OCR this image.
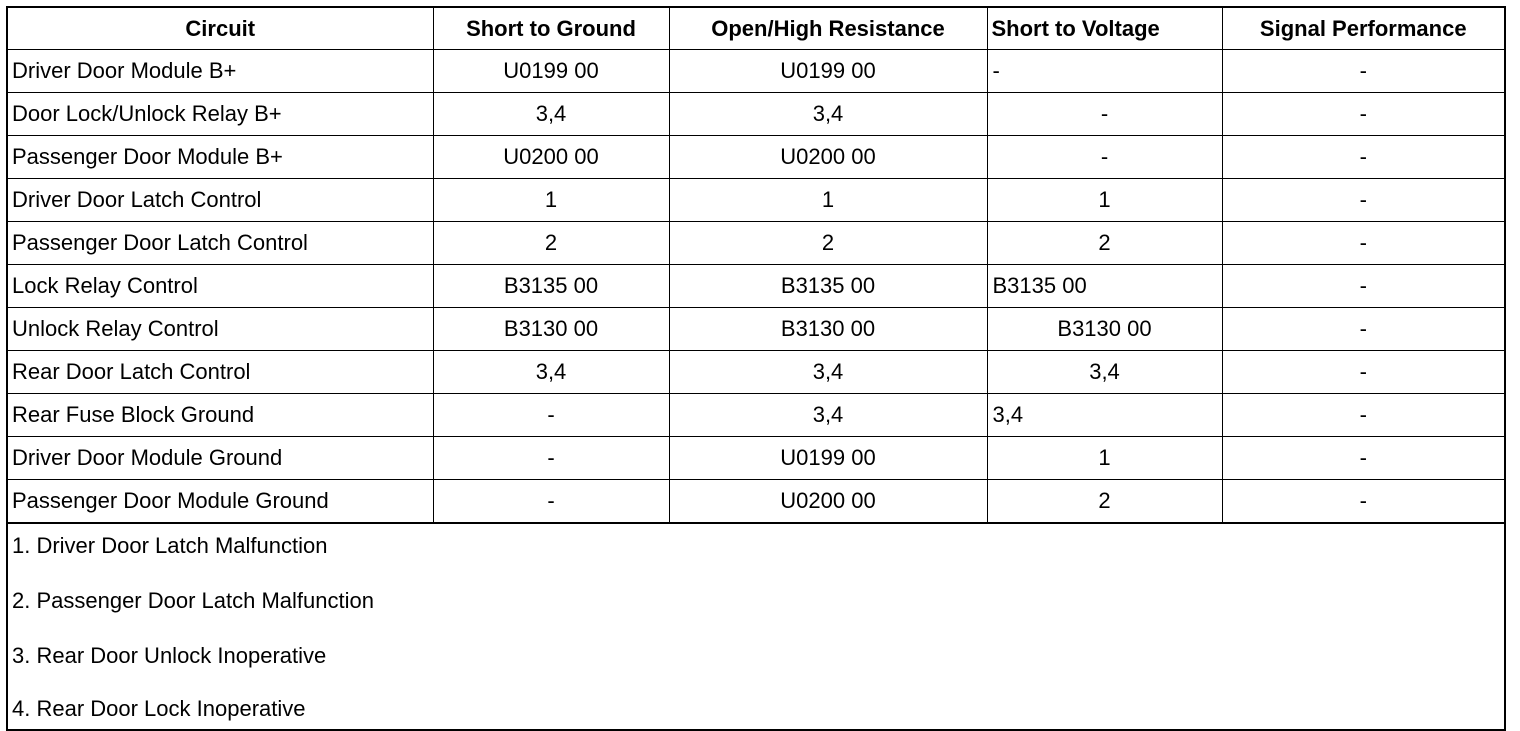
Circuit	Short to Ground	Open/High Resistance	Short to Voltage	Signal Performance
Driver Door Module B+	U0199 00	U0199 00	-	-
Door Lock/Unlock Relay B+	3,4	3,4	-	-
Passenger Door Module B+	U0200 00	U0200 00	-	-
Driver Door Latch Control	1	1	1	-
Passenger Door Latch Control	2	2	2	-
Lock Relay Control	B3135 00	B3135 00	B3135 00	-
Unlock Relay Control	B3130 00	B3130 00	B3130 00	-
Rear Door Latch Control	3,4	3,4	3,4	-
Rear Fuse Block Ground	-	3,4	3,4	-
Driver Door Module Ground	-	U0199 00	1	-
Passenger Door Module Ground	-	U0200 00	2	-
1. Driver Door Latch Malfunction
2. Passenger Door Latch Malfunction
3. Rear Door Unlock Inoperative
4. Rear Door Lock Inoperative
